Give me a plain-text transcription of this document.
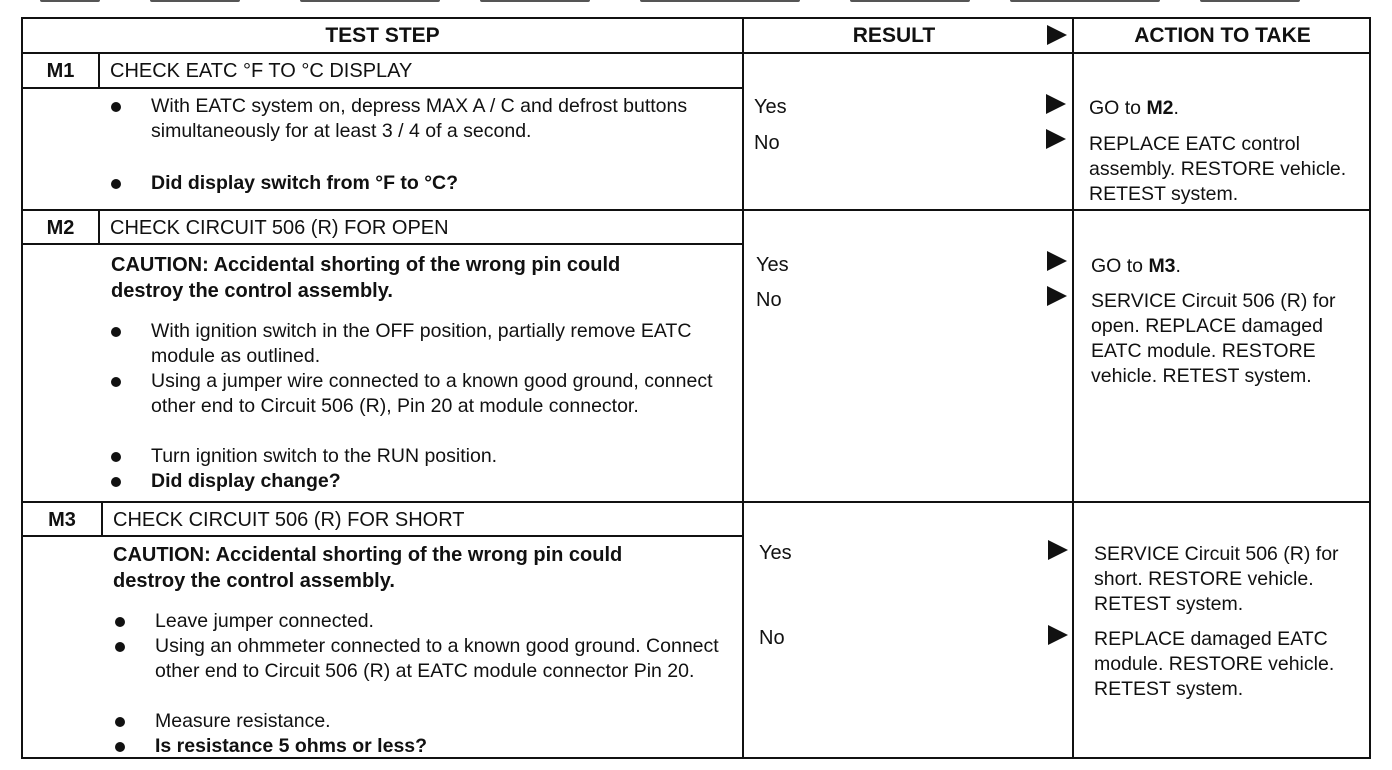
TEST STEP	RESULT	ACTION TO TAKE
M1	CHECK EATC °F TO °C DISPLAY
With EATC system on, depress MAX A / C and defrost buttons simultaneously for at least 3 / 4 of a second.
Did display switch from °F to °C?
Yes	GO to M2.
No	REPLACE EATC control assembly. RESTORE vehicle. RETEST system.
M2	CHECK CIRCUIT 506 (R) FOR OPEN
CAUTION: Accidental shorting of the wrong pin could destroy the control assembly.
With ignition switch in the OFF position, partially remove EATC module as outlined.
Using a jumper wire connected to a known good ground, connect other end to Circuit 506 (R), Pin 20 at module connector.
Turn ignition switch to the RUN position.
Did display change?
Yes	GO to M3.
No	SERVICE Circuit 506 (R) for open. REPLACE damaged EATC module. RESTORE vehicle. RETEST system.
M3	CHECK CIRCUIT 506 (R) FOR SHORT
CAUTION: Accidental shorting of the wrong pin could destroy the control assembly.
Leave jumper connected.
Using an ohmmeter connected to a known good ground. Connect other end to Circuit 506 (R) at EATC module connector Pin 20.
Measure resistance.
Is resistance 5 ohms or less?
Yes	SERVICE Circuit 506 (R) for short. RESTORE vehicle. RETEST system.
No	REPLACE damaged EATC module. RESTORE vehicle. RETEST system.
